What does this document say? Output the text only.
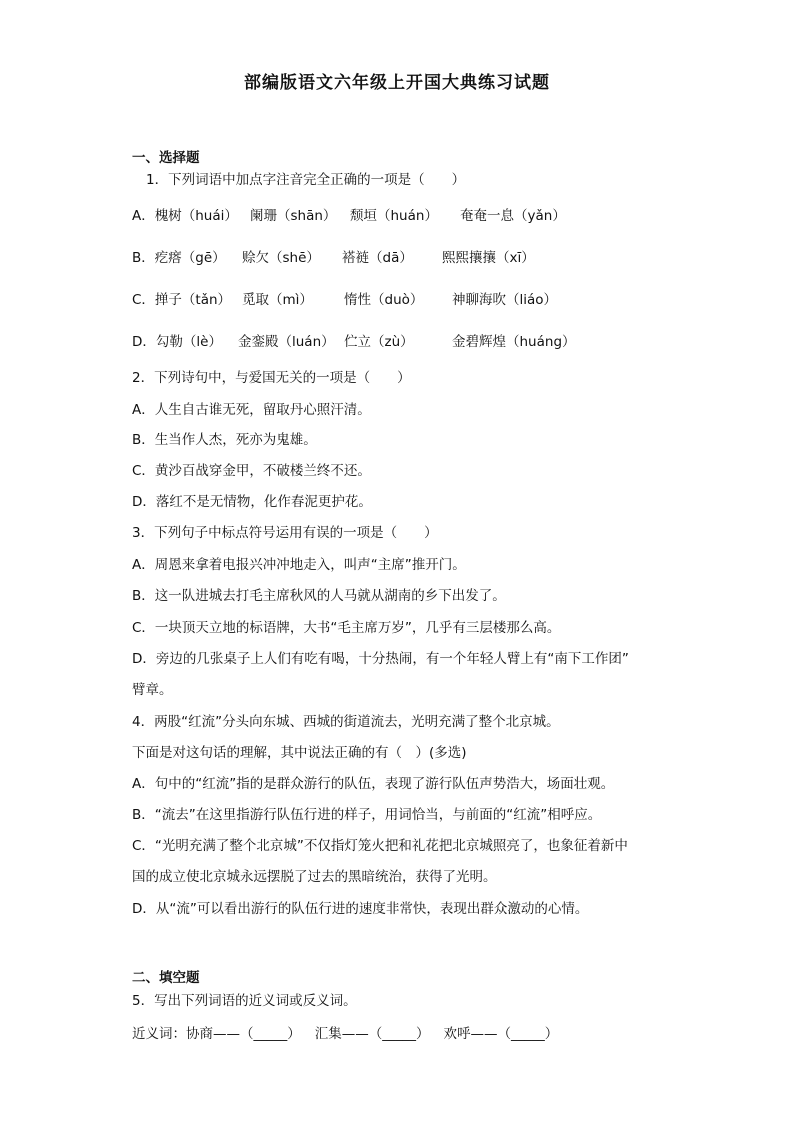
部编版语文六年级上开国大典练习试题
一、选择题
1．下列词语中加点字注音完全正确的一项是（　　）
A．槐树（huái） 阑珊（shān） 颓垣（huán） 奄奄一息（yǎn）
B．疙瘩（gē） 赊欠（shē） 褡裢（dā） 熙熙攘攘（xī）
C．掸子（tǎn） 觅取（mì） 惰性（duò） 神聊海吹（liáo）
D．勾勒（lè） 金銮殿（luán） 伫立（zù）	金碧辉煌（huáng）
2．下列诗句中，与爱国无关的一项是（　　）
A．人生自古谁无死，留取丹心照汗清。
B．生当作人杰，死亦为鬼雄。
C．黄沙百战穿金甲，不破楼兰终不还。
D．落红不是无情物，化作春泥更护花。
3．下列句子中标点符号运用有误的一项是（　　）
A．周恩来拿着电报兴冲冲地走入，叫声“主席”推开门。
B．这一队进城去打毛主席秋风的人马就从湖南的乡下出发了。
C．一块顶天立地的标语牌，大书“毛主席万岁”，几乎有三层楼那么高。
D．旁边的几张桌子上人们有吃有喝，十分热闹，有一个年轻人臂上有“南下工作团”
臂章。
4．两股“红流”分头向东城、西城的街道流去，光明充满了整个北京城。
下面是对这句话的理解，其中说法正确的有（　）(多选)
A．句中的“红流”指的是群众游行的队伍，表现了游行队伍声势浩大，场面壮观。
B．“流去”在这里指游行队伍行进的样子，用词恰当，与前面的“红流”相呼应。
C．“光明充满了整个北京城”不仅指灯笼火把和礼花把北京城照亮了，也象征着新中
国的成立使北京城永远摆脱了过去的黑暗统治，获得了光明。
D．从“流”可以看出游行的队伍行进的速度非常快，表现出群众激动的心情。
二、填空题
5．写出下列词语的近义词或反义词。
近义词：协商——（_____） 汇集——（_____） 欢呼——（_____）
